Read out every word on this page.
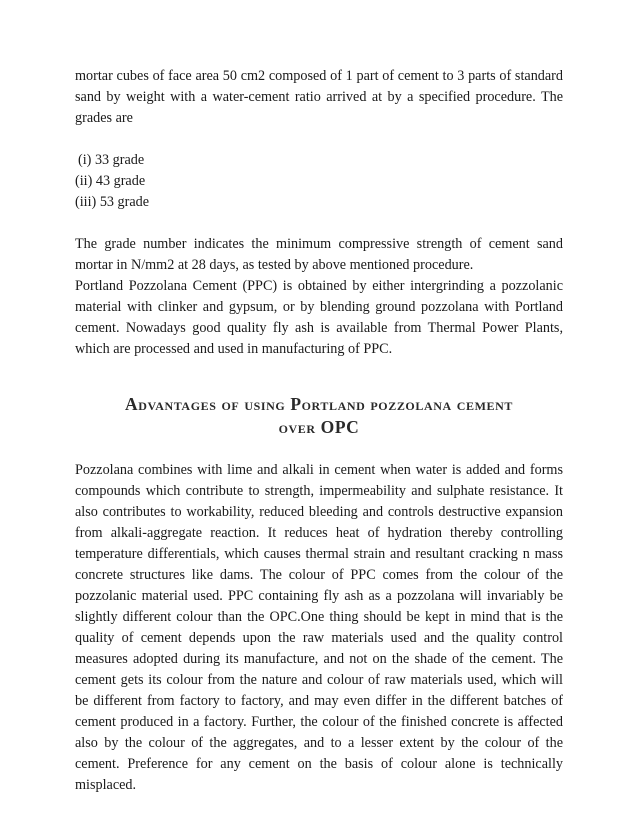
mortar cubes of face area 50 cm2 composed of 1 part of cement to 3 parts of standard sand by weight with a water-cement ratio arrived at by a specified procedure. The grades are

(i) 33 grade
(ii) 43 grade
(iii) 53 grade

The grade number indicates the minimum compressive strength of cement sand mortar in N/mm2 at 28 days, as tested by above mentioned procedure.

Portland Pozzolana Cement (PPC) is obtained by either intergrinding a pozzolanic material with clinker and gypsum, or by blending ground pozzolana with Portland cement. Nowadays good quality fly ash is available from Thermal Power Plants, which are processed and used in manufacturing of PPC.

Advantages of using Portland pozzolana cement
over OPC

Pozzolana combines with lime and alkali in cement when water is added and forms compounds which contribute to strength, impermeability and sulphate resistance. It also contributes to workability, reduced bleeding and controls destructive expansion from alkali-aggregate reaction. It reduces heat of hydration thereby controlling temperature differentials, which causes thermal strain and resultant cracking n mass concrete structures like dams. The colour of PPC comes from the colour of the pozzolanic material used. PPC containing fly ash as a pozzolana will invariably be slightly different colour than the OPC.One thing should be kept in mind that is the quality of cement depends upon the raw materials used and the quality control measures adopted during its manufacture, and not on the shade of the cement. The cement gets its colour from the nature and colour of raw materials used, which will be different from factory to factory, and may even differ in the different batches of cement produced in a factory. Further, the colour of the finished concrete is affected also by the colour of the aggregates, and to a lesser extent by the colour of the cement. Preference for any cement on the basis of colour alone is technically misplaced.
